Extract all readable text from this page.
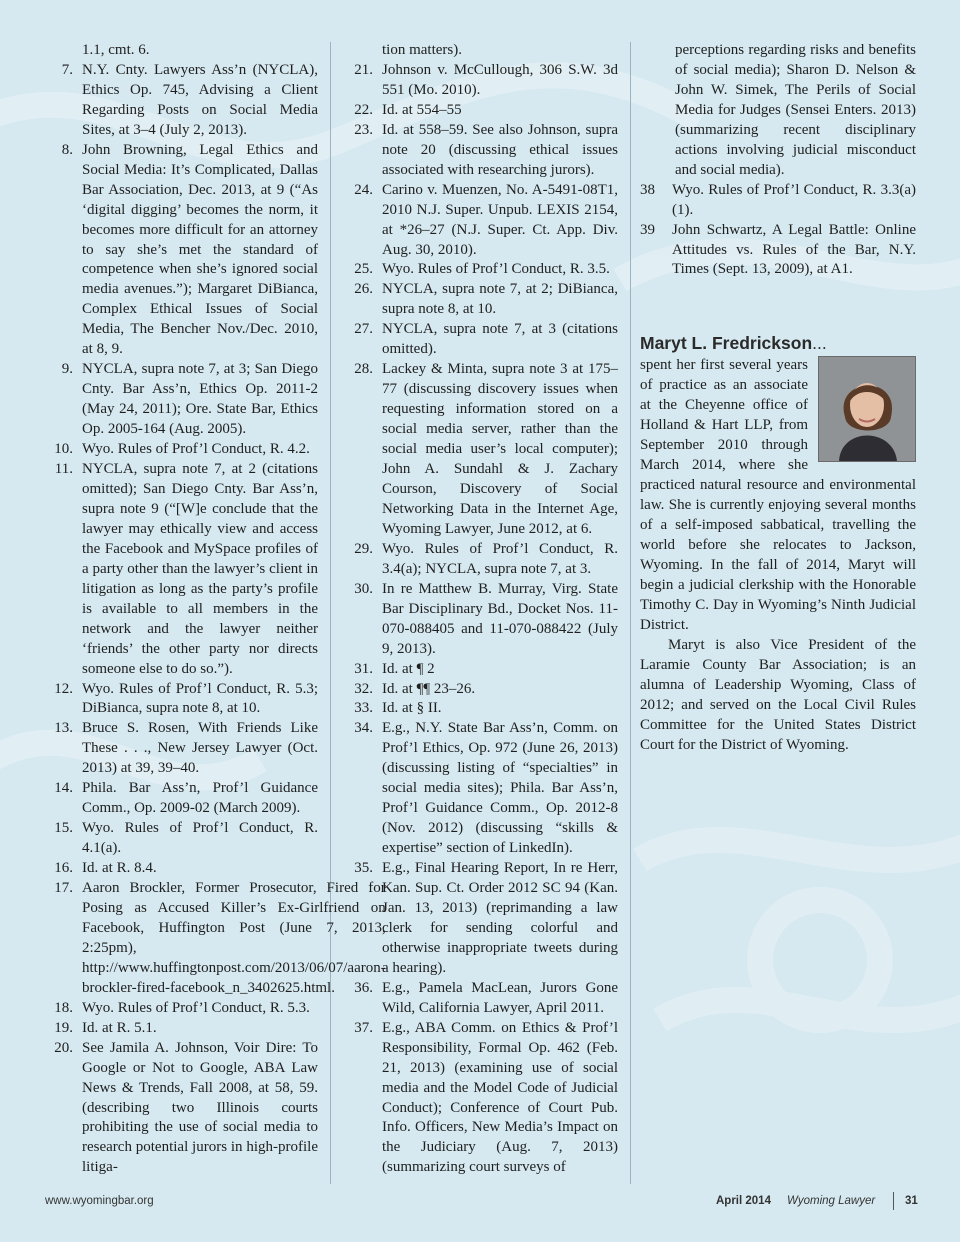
1.1, cmt. 6.
7. N.Y. Cnty. Lawyers Ass’n (NYCLA), Ethics Op. 745, Advising a Client Regarding Posts on Social Media Sites, at 3–4 (July 2, 2013).
8. John Browning, Legal Ethics and Social Media: It’s Complicated, Dallas Bar Association, Dec. 2013, at 9 (“As ‘digital digging’ becomes the norm, it becomes more difficult for an attorney to say she’s met the standard of competence when she’s ignored social media avenues.”); Margaret DiBianca, Complex Ethical Issues of Social Media, The Bencher Nov./Dec. 2010, at 8, 9.
9. NYCLA, supra note 7, at 3; San Diego Cnty. Bar Ass’n, Ethics Op. 2011-2 (May 24, 2011); Ore. State Bar, Ethics Op. 2005-164 (Aug. 2005).
10. Wyo. Rules of Prof’l Conduct, R. 4.2.
11. NYCLA, supra note 7, at 2 (citations omitted); San Diego Cnty. Bar Ass’n, supra note 9 (“[W]e conclude that the lawyer may ethically view and access the Facebook and MySpace profiles of a party other than the lawyer’s client in litigation as long as the party’s profile is available to all members in the network and the lawyer neither ‘friends’ the other party nor directs someone else to do so.”).
12. Wyo. Rules of Prof’l Conduct, R. 5.3; DiBianca, supra note 8, at 10.
13. Bruce S. Rosen, With Friends Like These . . ., New Jersey Lawyer (Oct. 2013) at 39, 39–40.
14. Phila. Bar Ass’n, Prof’l Guidance Comm., Op. 2009-02 (March 2009).
15. Wyo. Rules of Prof’l Conduct, R. 4.1(a).
16. Id. at R. 8.4.
17. Aaron Brockler, Former Prosecutor, Fired for Posing as Accused Killer’s Ex-Girlfriend on Facebook, Huffington Post (June 7, 2013, 2:25pm), http://www.huffingtonpost.com/2013/06/07/aaron-brockler-fired-facebook_n_3402625.html.
18. Wyo. Rules of Prof’l Conduct, R. 5.3.
19. Id. at R. 5.1.
20. See Jamila A. Johnson, Voir Dire: To Google or Not to Google, ABA Law News & Trends, Fall 2008, at 58, 59. (describing two Illinois courts prohibiting the use of social media to research potential jurors in high-profile litiga-
tion matters).
21. Johnson v. McCullough, 306 S.W. 3d 551 (Mo. 2010).
22. Id. at 554–55
23. Id. at 558–59. See also Johnson, supra note 20 (discussing ethical issues associated with researching jurors).
24. Carino v. Muenzen, No. A-5491-08T1, 2010 N.J. Super. Unpub. LEXIS 2154, at *26–27 (N.J. Super. Ct. App. Div. Aug. 30, 2010).
25. Wyo. Rules of Prof’l Conduct, R. 3.5.
26. NYCLA, supra note 7, at 2; DiBianca, supra note 8, at 10.
27. NYCLA, supra note 7, at 3 (citations omitted).
28. Lackey & Minta, supra note 3 at 175–77 (discussing discovery issues when requesting information stored on a social media server, rather than the social media user’s local computer); John A. Sundahl & J. Zachary Courson, Discovery of Social Networking Data in the Internet Age, Wyoming Lawyer, June 2012, at 6.
29. Wyo. Rules of Prof’l Conduct, R. 3.4(a); NYCLA, supra note 7, at 3.
30. In re Matthew B. Murray, Virg. State Bar Disciplinary Bd., Docket Nos. 11-070-088405 and 11-070-088422 (July 9, 2013).
31. Id. at ¶ 2
32. Id. at ¶¶ 23–26.
33. Id. at § II.
34. E.g., N.Y. State Bar Ass’n, Comm. on Prof’l Ethics, Op. 972 (June 26, 2013) (discussing listing of “specialties” in social media sites); Phila. Bar Ass’n, Prof’l Guidance Comm., Op. 2012-8 (Nov. 2012) (discussing “skills & expertise” section of LinkedIn).
35. E.g., Final Hearing Report, In re Herr, Kan. Sup. Ct. Order 2012 SC 94 (Kan. Jan. 13, 2013) (reprimanding a law clerk for sending colorful and otherwise inappropriate tweets during a hearing).
36. E.g., Pamela MacLean, Jurors Gone Wild, California Lawyer, April 2011.
37. E.g., ABA Comm. on Ethics & Prof’l Responsibility, Formal Op. 462 (Feb. 21, 2013) (examining use of social media and the Model Code of Judicial Conduct); Conference of Court Pub. Info. Officers, New Media’s Impact on the Judiciary (Aug. 7, 2013) (summarizing court surveys of
perceptions regarding risks and benefits of social media); Sharon D. Nelson & John W. Simek, The Perils of Social Media for Judges (Sensei Enters. 2013) (summarizing recent disciplinary actions involving judicial misconduct and social media).
38	Wyo. Rules of Prof’l Conduct, R. 3.3(a)(1).
39	John Schwartz, A Legal Battle: Online Attitudes vs. Rules of the Bar, N.Y. Times (Sept. 13, 2009), at A1.
Maryt L. Fredrickson...

spent her first several years of practice as an associate at the Cheyenne office of Holland & Hart LLP, from September 2010 through March 2014, where she practiced natural resource and environmental law. She is currently enjoying several months of a self-imposed sabbatical, travelling the world before she relocates to Jackson, Wyoming. In the fall of 2014, Maryt will begin a judicial clerkship with the Honorable Timothy C. Day in Wyoming’s Ninth Judicial District.

Maryt is also Vice President of the Laramie County Bar Association; is an alumna of Leadership Wyoming, Class of 2012; and served on the Local Civil Rules Committee for the United States District Court for the District of Wyoming.

www.wyomingbar.org	April 2014 Wyoming Lawyer	31
